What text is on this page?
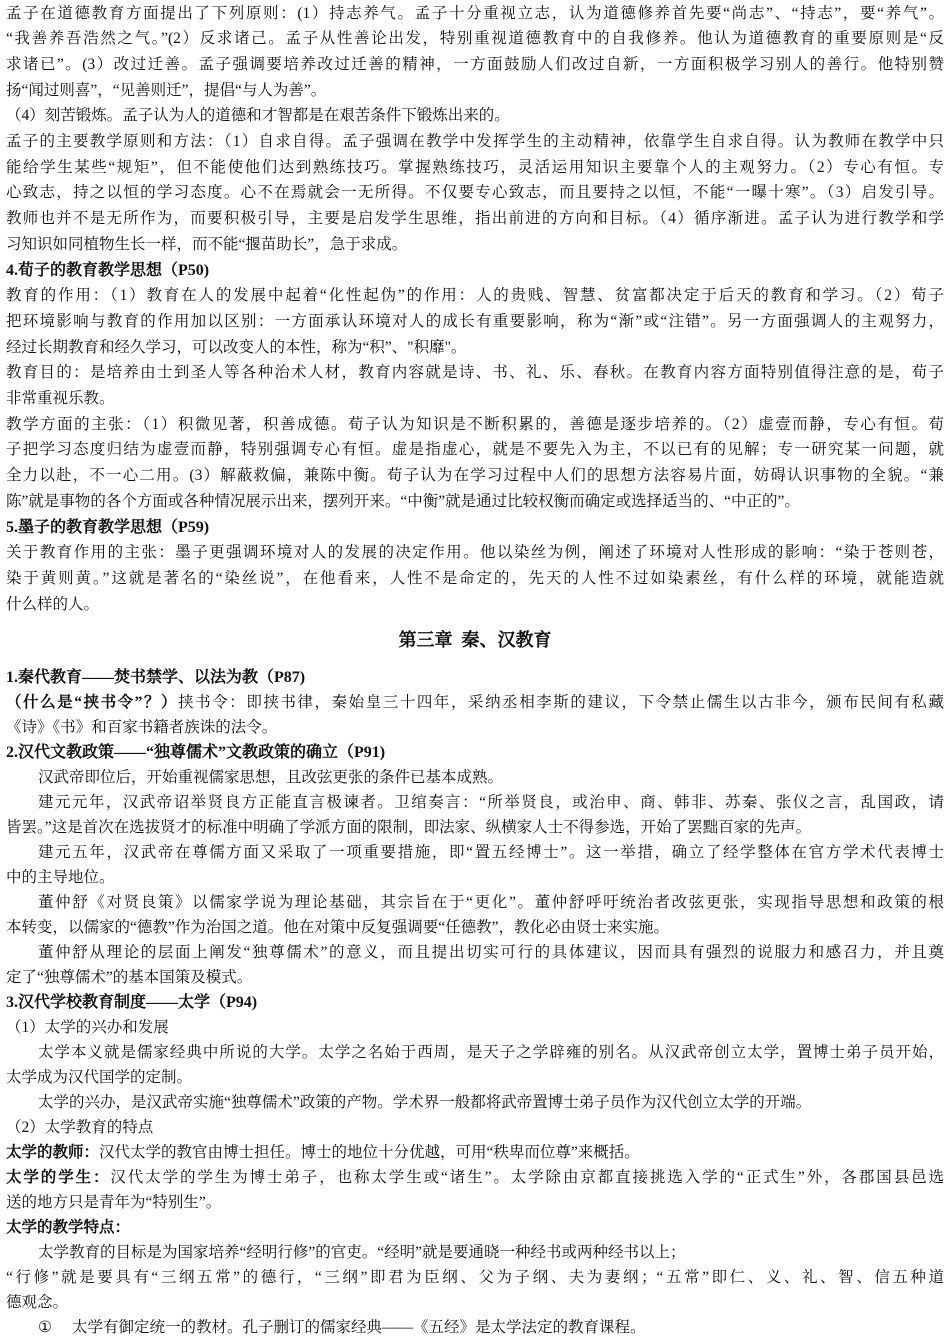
孟子在道德教育方面提出了下列原则：(1）持志养气。孟子十分重视立志，认为道德修养首先要“尚志”、“持志”，要“养气”。
“我善养吾浩然之气。”(2）反求诸己。孟子从性善论出发，特别重视道德教育中的自我修养。他认为道德教育的重要原则是“反
求诸已”。(3）改过迁善。孟子强调要培养改过迁善的精神，一方面鼓励人们改过自新，一方面积极学习别人的善行。他特别赞
扬“闻过则喜”，“见善则迁”，提倡“与人为善”。
（4）刻苦锻炼。孟子认为人的道德和才智都是在艰苦条件下锻炼出来的。
孟子的主要教学原则和方法：（1）自求自得。孟子强调在教学中发挥学生的主动精神，依靠学生自求自得。认为教师在教学中只
能给学生某些“规矩”，但不能使他们达到熟练技巧。掌握熟练技巧，灵活运用知识主要靠个人的主观努力。（2）专心有恒。专
心致志，持之以恒的学习态度。心不在焉就会一无所得。不仅要专心致志，而且要持之以恒，不能“一曝十寒”。（3）启发引导。
教师也并不是无所作为，而要积极引导，主要是启发学生思维，指出前进的方向和目标。（4）循序渐进。孟子认为进行教学和学
习知识如同植物生长一样，而不能“揠苗助长”，急于求成。
4.荀子的教育教学思想（P50)
教育的作用：（1）教育在人的发展中起着“化性起伪”的作用：人的贵贱、智慧、贫富都决定于后天的教育和学习。（2）荀子
把环境影响与教育的作用加以区别：一方面承认环境对人的成长有重要影响，称为“渐”或“注错”。另一方面强调人的主观努力，
经过长期教育和经久学习，可以改变人的本性，称为“积”、"积靡"。
教育目的：是培养由士到圣人等各种治术人材，教育内容就是诗、书、礼、乐、春秋。在教育内容方面特别值得注意的是，荀子
非常重视乐教。
教学方面的主张：（1）积微见著，积善成德。荀子认为知识是不断积累的，善德是逐步培养的。（2）虚壹而静，专心有恒。荀
子把学习态度归结为虚壹而静，特别强调专心有恒。虚是指虚心，就是不要先入为主，不以已有的见解；专一研究某一问题，就
全力以赴，不一心二用。(3）解蔽救偏，兼陈中衡。荀子认为在学习过程中人们的思想方法容易片面，妨碍认识事物的全貌。“兼
陈”就是事物的各个方面或各种情况展示出来，摆列开来。“中衡”就是通过比较权衡而确定或选择适当的、“中正的”。
5.墨子的教育教学思想（P59)
关于教育作用的主张：墨子更强调环境对人的发展的决定作用。他以染丝为例，阐述了环境对人性形成的影响：“染于苍则苍，
染于黄则黄。”这就是著名的“染丝说”，在他看来，人性不是命定的，先天的人性不过如染素丝，有什么样的环境，就能造就
什么样的人。
第三章  秦、汉教育
1.秦代教育——焚书禁学、以法为教（P87)
（什么是“挟书令”？）挟书令：即挟书律，秦始皇三十四年，采纳丞相李斯的建议，下令禁止儒生以古非今，颁布民间有私藏
《诗》《书》和百家书籍者族诛的法令。
2.汉代文教政策——“独尊儒术”文教政策的确立（P91)
汉武帝即位后，开始重视儒家思想，且改弦更张的条件已基本成熟。
建元元年，汉武帝诏举贤良方正能直言极谏者。卫绾奏言：“所举贤良，或治申、商、韩非、苏秦、张仪之言，乱国政，请
皆罢。”这是首次在选拔贤才的标准中明确了学派方面的限制，即法家、纵横家人士不得参选，开始了罢黜百家的先声。
建元五年，汉武帝在尊儒方面又采取了一项重要措施，即“置五经博士”。这一举措，确立了经学整体在官方学术代表博士
中的主导地位。
董仲舒《对贤良策》以儒家学说为理论基础，其宗旨在于“更化”。董仲舒呼吁统治者改弦更张，实现指导思想和政策的根
本转变，以儒家的“德教”作为治国之道。他在对策中反复强调要“任德教”，教化必由贤士来实施。
董仲舒从理论的层面上阐发“独尊儒术”的意义，而且提出切实可行的具体建议，因而具有强烈的说服力和感召力，并且奠
定了“独尊儒术”的基本国策及模式。
3.汉代学校教育制度——太学（P94)
（1）太学的兴办和发展
太学本义就是儒家经典中所说的大学。太学之名始于西周，是天子之学辟雍的别名。从汉武帝创立太学，置博士弟子员开始，
太学成为汉代国学的定制。
太学的兴办，是汉武帝实施“独尊儒术”政策的产物。学术界一般都将武帝置博士弟子员作为汉代创立太学的开端。
（2）太学教育的特点
太学的教师：汉代太学的教官由博士担任。博士的地位十分优越，可用“秩卑而位尊”来概括。
太学的学生：汉代太学的学生为博士弟子，也称太学生或“诸生”。太学除由京都直接挑选入学的“正式生”外，各郡国县邑选
送的地方只是青年为“特别生”。
太学的教学特点：
太学教育的目标是为国家培养“经明行修”的官吏。“经明”就是要通晓一种经书或两种经书以上；
“行修”就是要具有“三纲五常”的德行，“三纲”即君为臣纲、父为子纲、夫为妻纲；“五常”即仁、义、礼、智、信五种道
德观念。
① 太学有御定统一的教材。孔子删订的儒家经典——《五经》是太学法定的教育课程。
